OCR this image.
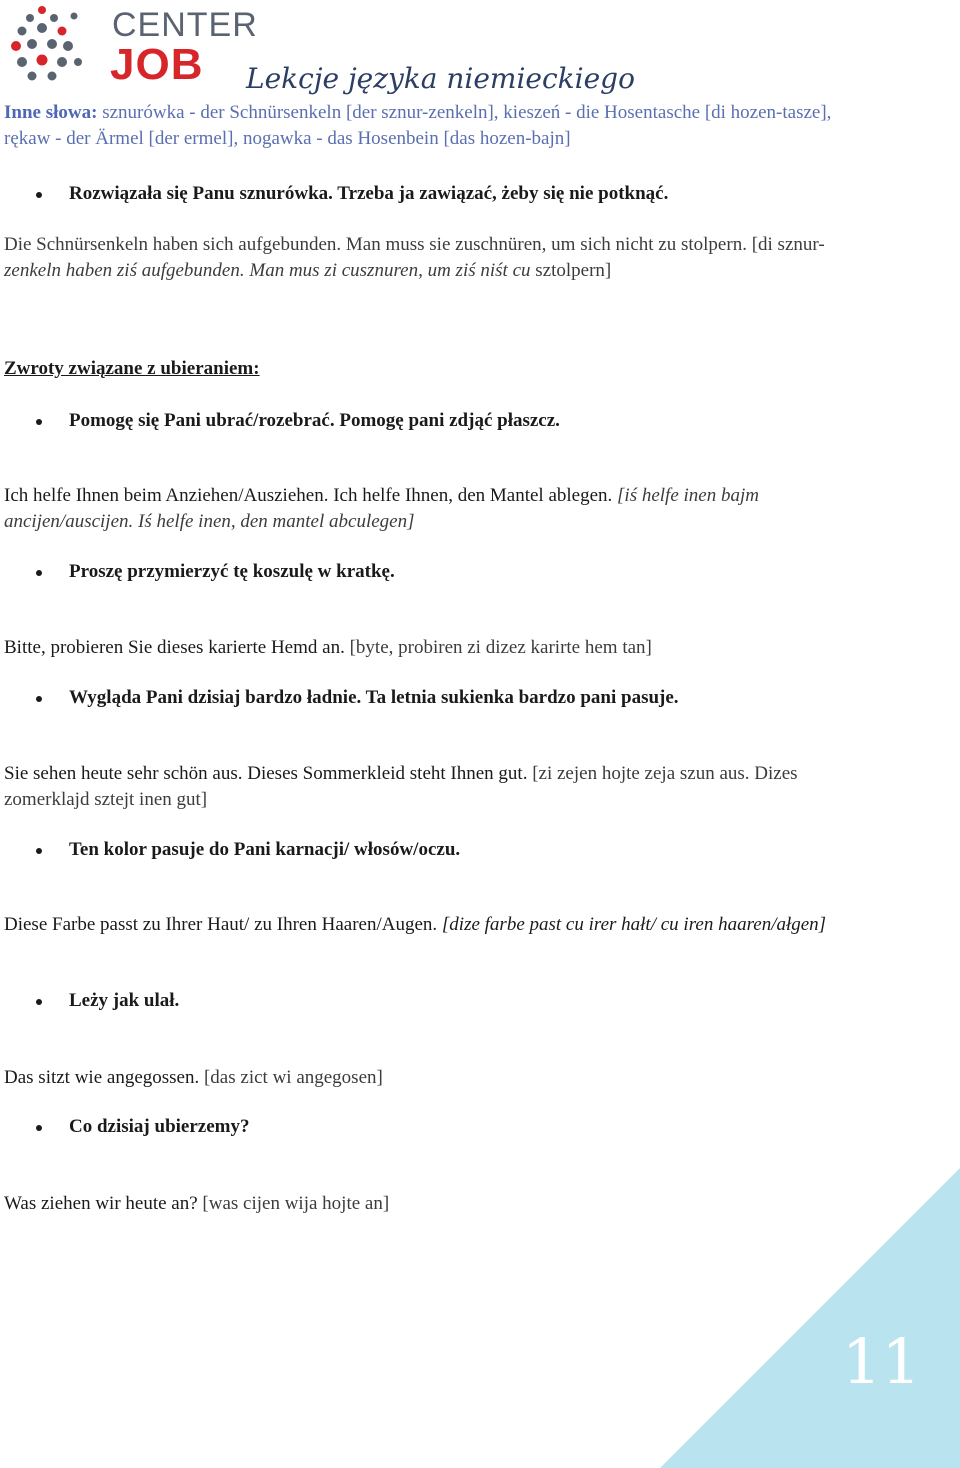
CENTER
JOB Lekcje języka niemieckiego
Inne słowa: sznurówka - der Schnürsenkeln [der sznur-zenkeln], kieszeń - die Hosentasche [di hozen-tasze], rękaw - der Ärmel [der ermel], nogawka - das Hosenbein [das hozen-bajn]
Rozwiązała się Panu sznurówka. Trzeba ja zawiązać, żeby się nie potknąć.
Die Schnürsenkeln haben sich aufgebunden. Man muss sie zuschnüren, um sich nicht zu stolpern. [di sznur-zenkeln haben ziś aufgebunden. Man mus zi cusznuren, um ziś niśt cu sztolpern]
Zwroty związane z ubieraniem:
Pomogę się Pani ubrać/rozebrać. Pomogę pani zdjąć płaszcz.
Ich helfe Ihnen beim Anziehen/Ausziehen. Ich helfe Ihnen, den Mantel ablegen. [iś helfe inen bajm ancijen/auscijen. Iś helfe inen, den mantel abculegen]
Proszę przymierzyć tę koszulę w kratkę.
Bitte, probieren Sie dieses karierte Hemd an. [byte, probiren zi dizez karirte hem tan]
Wygląda Pani dzisiaj bardzo ładnie. Ta letnia sukienka bardzo pani pasuje.
Sie sehen heute sehr schön aus. Dieses Sommerkleid steht Ihnen gut. [zi zejen hojte zeja szun aus. Dizes zomerklajd sztejt inen gut]
Ten kolor pasuje do Pani karnacji/ włosów/oczu.
Diese Farbe passt zu Ihrer Haut/ zu Ihren Haaren/Augen. [dize farbe past cu irer hałt/ cu iren haaren/ałgen]
Leży jak ulał.
Das sitzt wie angegossen. [das zict wi angegosen]
Co dzisiaj ubierzemy?
Was ziehen wir heute an? [was cijen wija hojte an]
11
